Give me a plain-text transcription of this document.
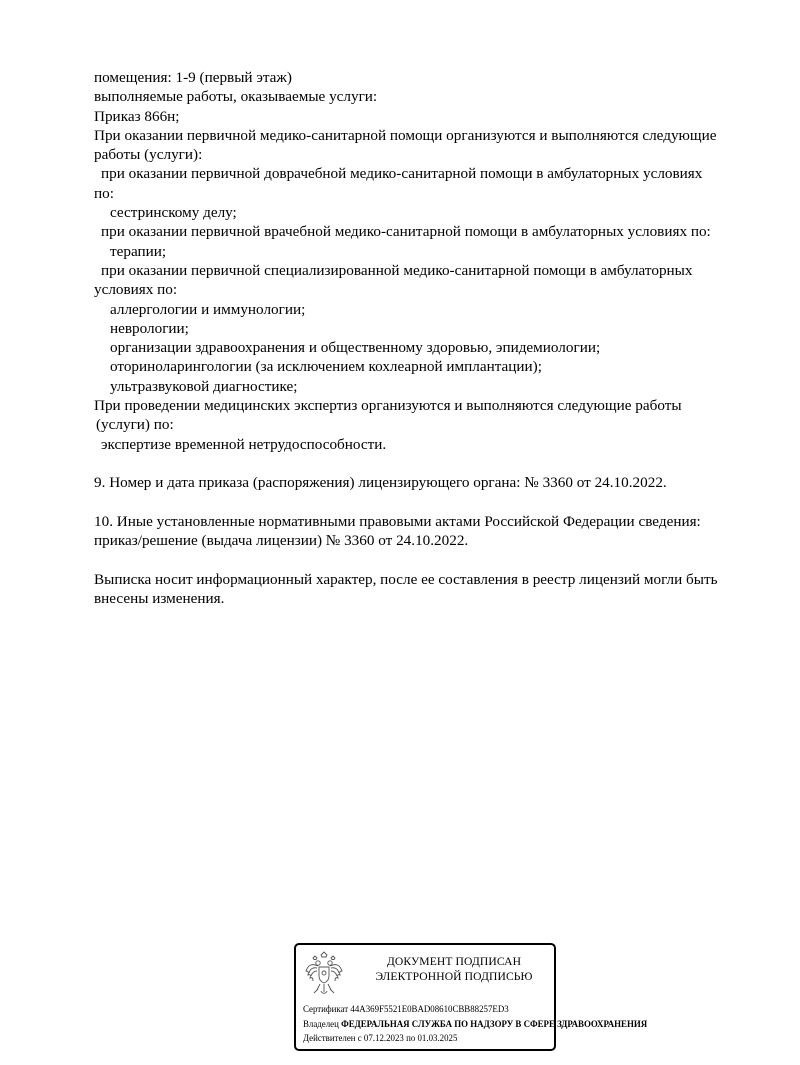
помещения: 1-9 (первый этаж)
выполняемые работы, оказываемые услуги:
Приказ 866н;
При оказании первичной медико-санитарной помощи организуются и выполняются следующие
работы (услуги):
при оказании первичной доврачебной медико-санитарной помощи в амбулаторных условиях
по:
сестринскому делу;
при оказании первичной врачебной медико-санитарной помощи в амбулаторных условиях по:
терапии;
при оказании первичной специализированной медико-санитарной помощи в амбулаторных
условиях по:
аллергологии и иммунологии;
неврологии;
организации здравоохранения и общественному здоровью, эпидемиологии;
оториноларингологии (за исключением кохлеарной имплантации);
ультразвуковой диагностике;
При проведении медицинских экспертиз организуются и выполняются следующие работы
(услуги) по:
экспертизе временной нетрудоспособности.
9. Номер и дата приказа (распоряжения) лицензирующего органа: № 3360 от 24.10.2022.
10. Иные установленные нормативными правовыми актами Российской Федерации сведения:
приказ/решение (выдача лицензии) № 3360 от 24.10.2022.
Выписка носит информационный характер, после ее составления в реестр лицензий могли быть
внесены изменения.
ДОКУМЕНТ ПОДПИСАН
ЭЛЕКТРОННОЙ ПОДПИСЬЮ
Сертификат 44A369F5521E0BAD08610CBB88257ED3
Владелец ФЕДЕРАЛЬНАЯ СЛУЖБА ПО НАДЗОРУ В СФЕРЕ ЗДРАВООХРАНЕНИЯ
Действителен с 07.12.2023 по 01.03.2025
